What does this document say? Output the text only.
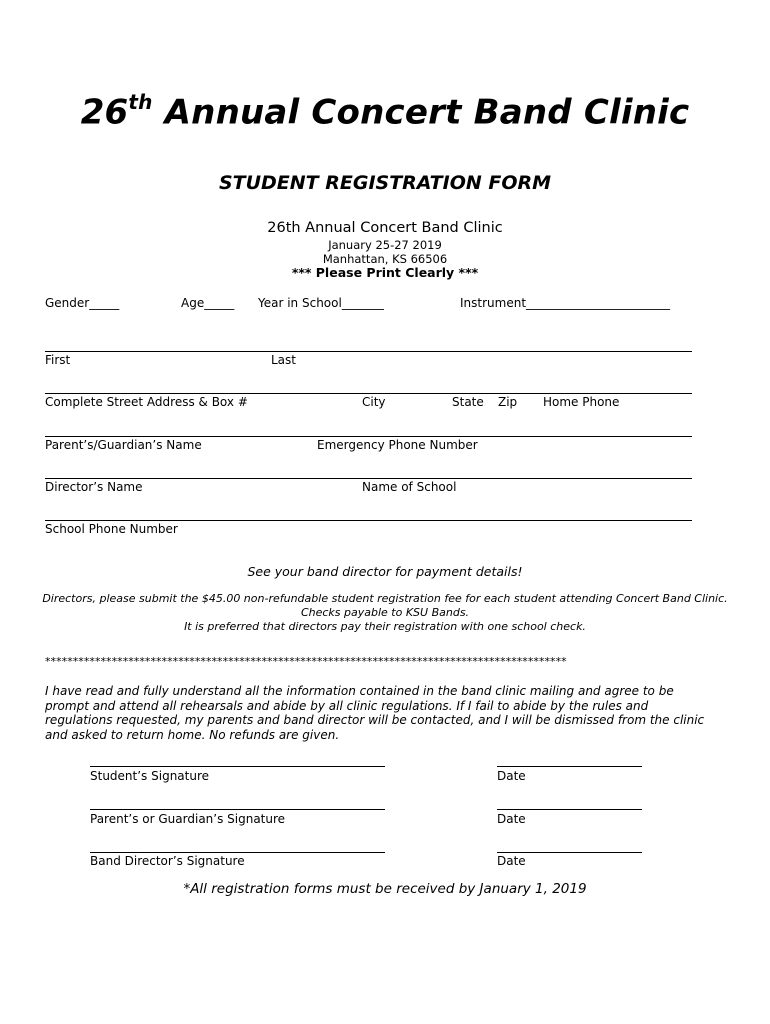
26th Annual Concert Band Clinic
STUDENT REGISTRATION FORM
26th Annual Concert Band Clinic
January 25-27 2019
Manhattan, KS 66506
*** Please Print Clearly ***
Gender_____	Age_____ Year in School_______	Instrument________________________
First	Last
Complete Street Address & Box #	City	State Zip Home Phone
Parent’s/Guardian’s Name	Emergency Phone Number
Director’s Name	Name of School
School Phone Number
See your band director for payment details!
Directors, please submit the $45.00 non-refundable student registration fee for each student attending Concert Band Clinic.
Checks payable to KSU Bands.
It is preferred that directors pay their registration with one school check.
**********************************************************************************************
I have read and fully understand all the information contained in the band clinic mailing and agree to be prompt and attend all rehearsals and abide by all clinic regulations. If I fail to abide by the rules and regulations requested, my parents and band director will be contacted, and I will be dismissed from the clinic and asked to return home. No refunds are given.
Student’s Signature	Date
Parent’s or Guardian’s Signature	Date
Band Director’s Signature	Date
*All registration forms must be received by January 1, 2019
